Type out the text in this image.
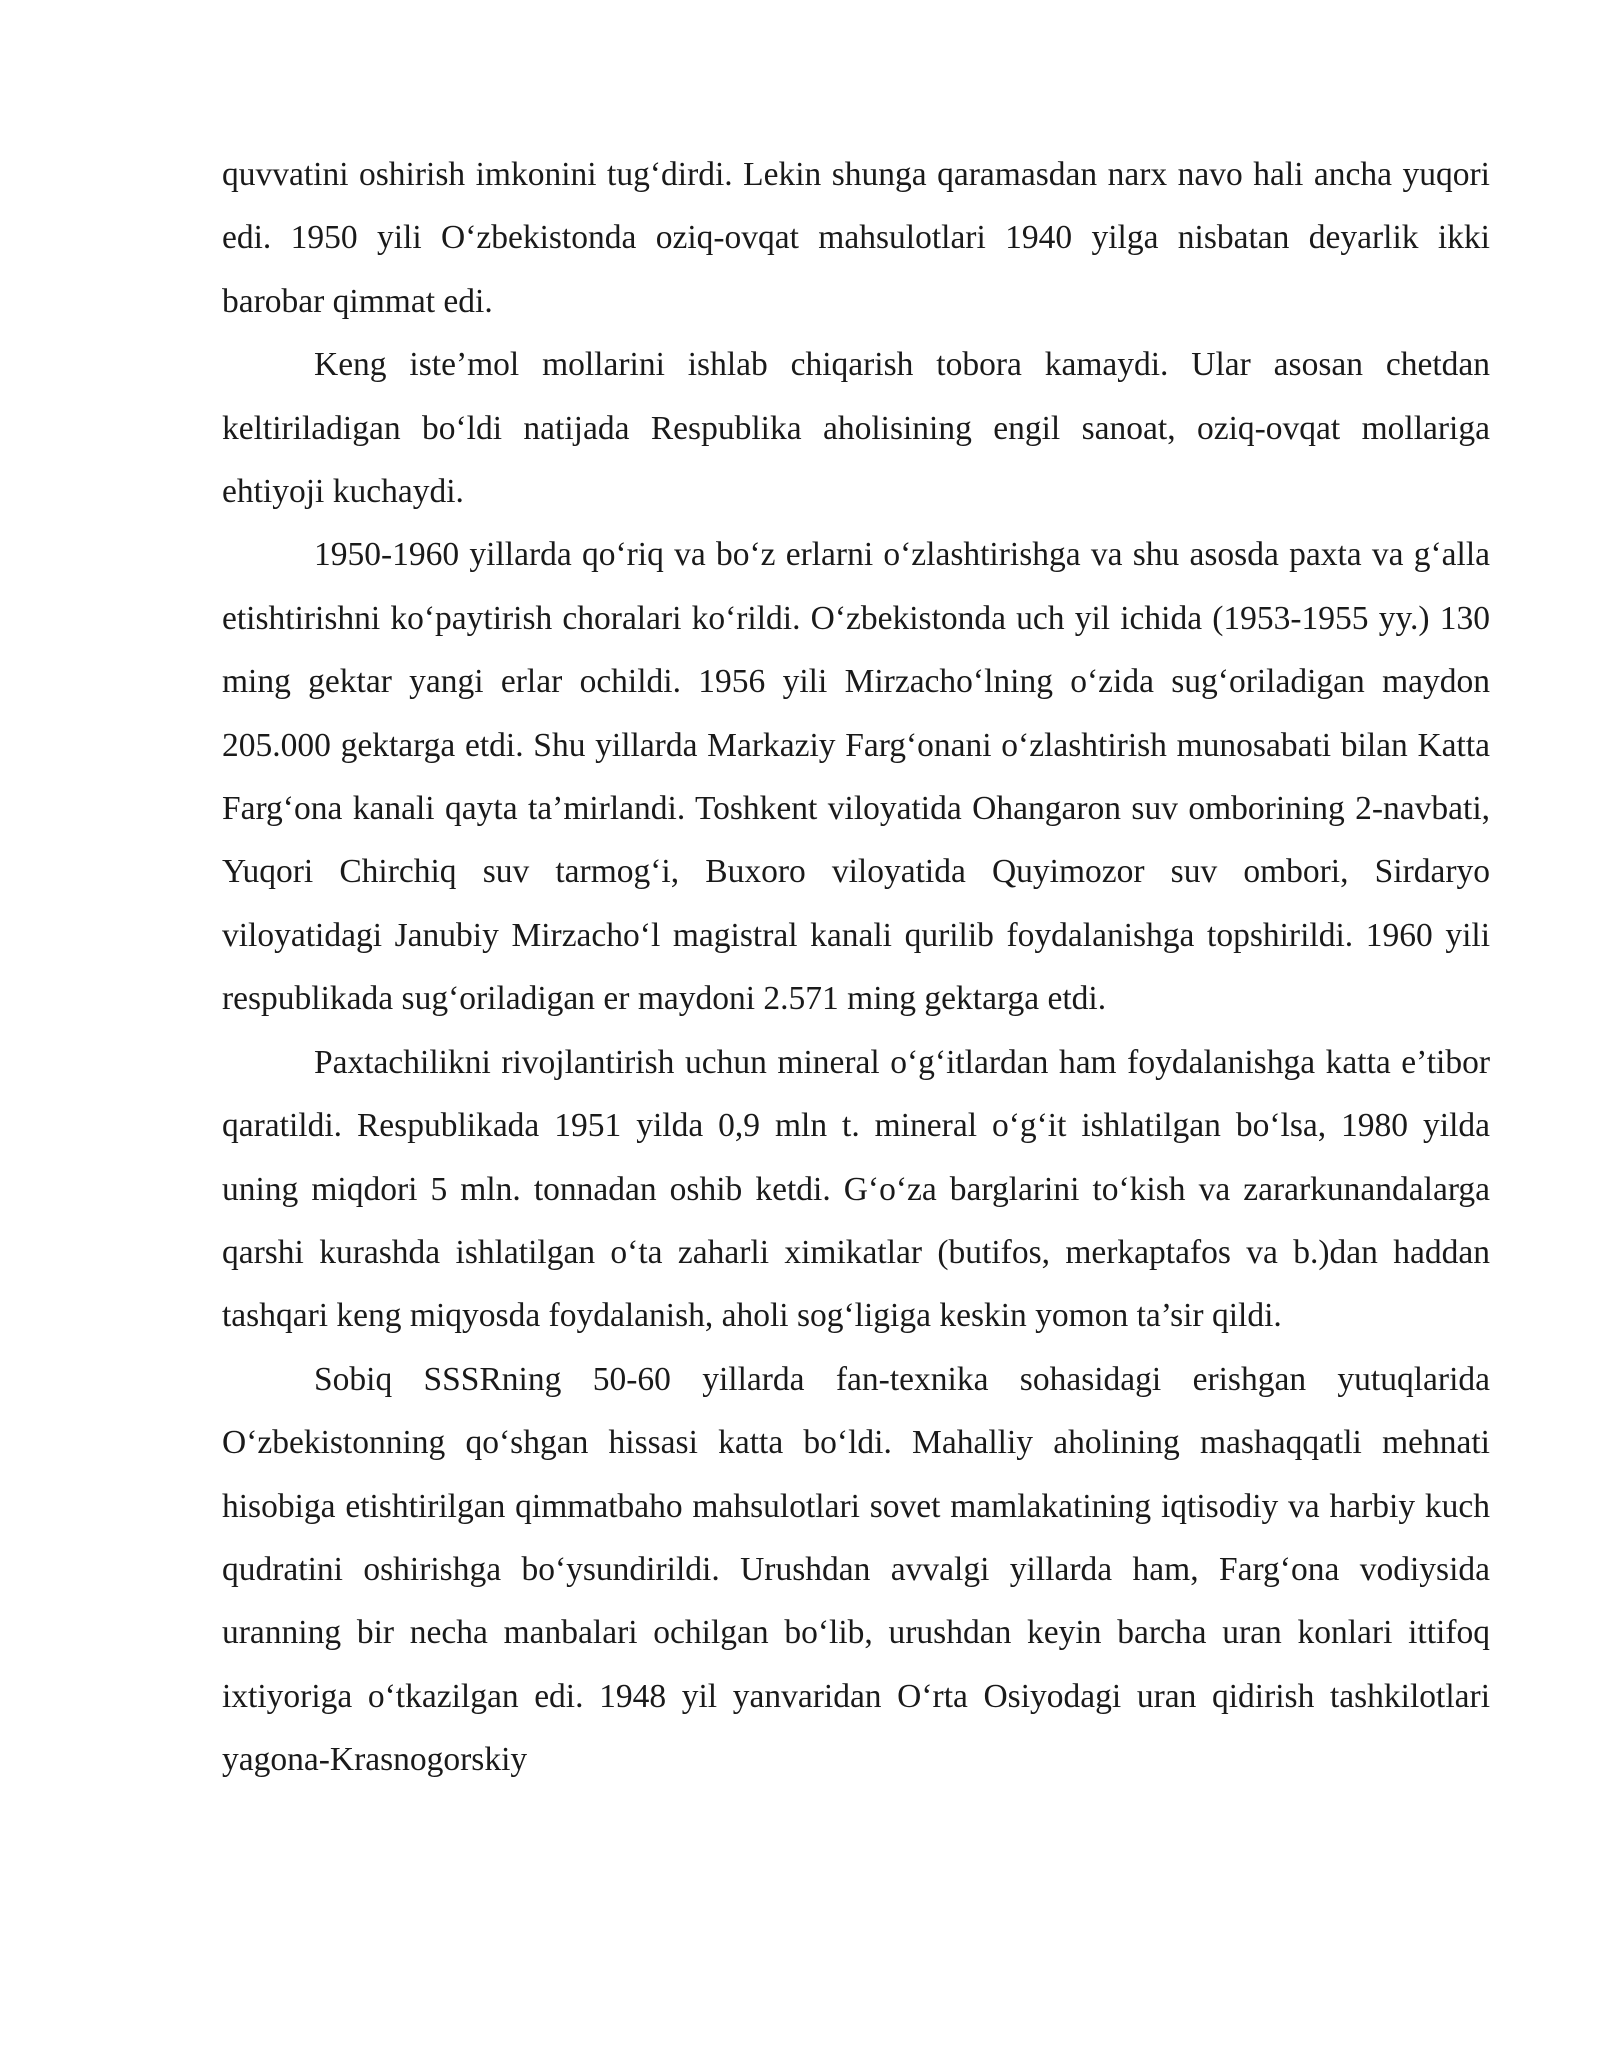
quvvatini oshirish imkonini tug‘dirdi. Lekin shunga qaramasdan narx navo hali ancha yuqori edi. 1950 yili O‘zbekistonda oziq-ovqat mahsulotlari 1940 yilga nisbatan deyarlik ikki barobar qimmat edi.

Keng iste’mol mollarini ishlab chiqarish tobora kamaydi. Ular asosan chetdan keltiriladigan bo‘ldi natijada Respublika aholisining engil sanoat, oziq-ovqat mollariga ehtiyoji kuchaydi.

1950-1960 yillarda qo‘riq va bo‘z erlarni o‘zlashtirishga va shu asosda paxta va g‘alla etishtirishni ko‘paytirish choralari ko‘rildi. O‘zbekistonda uch yil ichida (1953-1955 yy.) 130 ming gektar yangi erlar ochildi. 1956 yili Mirzacho‘lning o‘zida sug‘oriladigan maydon 205.000 gektarga etdi. Shu yillarda Markaziy Farg‘onani o‘zlashtirish munosabati bilan Katta Farg‘ona kanali qayta ta’mirlandi. Toshkent viloyatida Ohangaron suv omborining 2-navbati, Yuqori Chirchiq suv tarmog‘i, Buxoro viloyatida Quyimozor suv ombori, Sirdaryo viloyatidagi Janubiy Mirzacho‘l magistral kanali qurilib foydalanishga topshirildi. 1960 yili respublikada sug‘oriladigan er maydoni 2.571 ming gektarga etdi.

Paxtachilikni rivojlantirish uchun mineral o‘g‘itlardan ham foydalanishga katta e’tibor qaratildi. Respublikada 1951 yilda 0,9 mln t. mineral o‘g‘it ishlatilgan bo‘lsa, 1980 yilda uning miqdori 5 mln. tonnadan oshib ketdi. G‘o‘za barglarini to‘kish va zararkunandalarga qarshi kurashda ishlatilgan o‘ta zaharli ximikatlar (butifos, merkaptafos va b.)dan haddan tashqari keng miqyosda foydalanish, aholi sog‘ligiga keskin yomon ta’sir qildi.

Sobiq SSSRning 50-60 yillarda fan-texnika sohasidagi erishgan yutuqlarida O‘zbekistonning qo‘shgan hissasi katta bo‘ldi. Mahalliy aholining mashaqqatli mehnati hisobiga etishtirilgan qimmatbaho mahsulotlari sovet mamlakatining iqtisodiy va harbiy kuch qudratini oshirishga bo‘ysundirildi. Urushdan avvalgi yillarda ham, Farg‘ona vodiysida uranning bir necha manbalari ochilgan bo‘lib, urushdan keyin barcha uran konlari ittifoq ixtiyoriga o‘tkazilgan edi. 1948 yil yanvaridan O‘rta Osiyodagi uran qidirish tashkilotlari yagona-Krasnogorskiy
